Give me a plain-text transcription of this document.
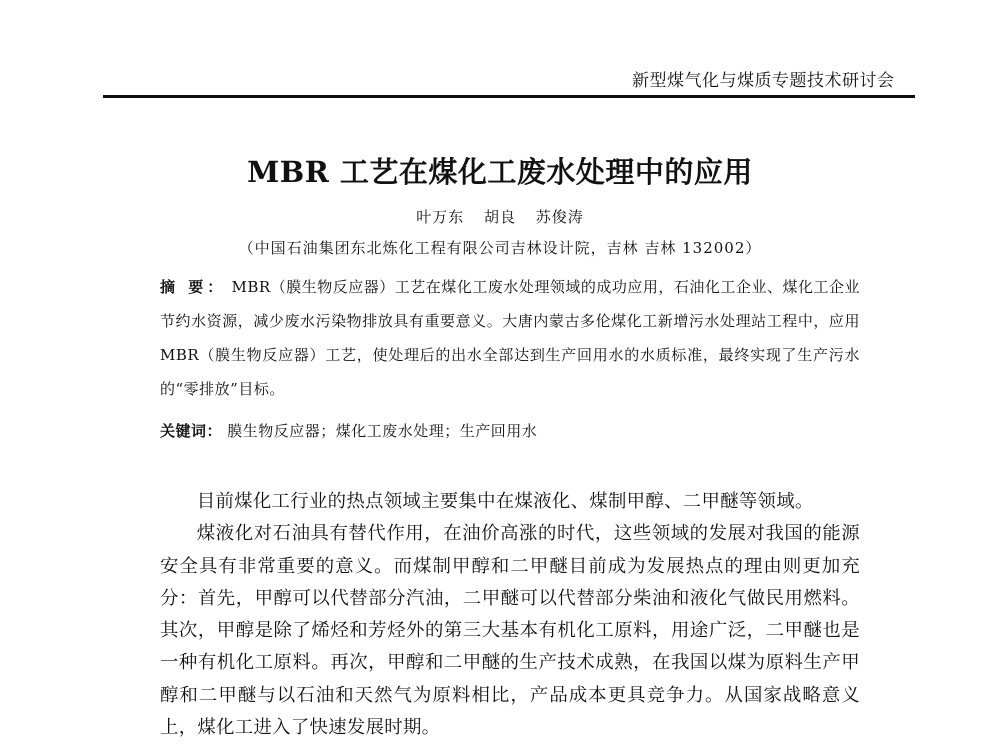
新型煤气化与煤质专题技术研讨会
MBR 工艺在煤化工废水处理中的应用
叶万东 胡良 苏俊涛
（中国石油集团东北炼化工程有限公司吉林设计院，吉林 吉林 132002）
摘 要： MBR（膜生物反应器）工艺在煤化工废水处理领域的成功应用，石油化工企业、煤化工企业节约水资源，减少废水污染物排放具有重要意义。大唐内蒙古多伦煤化工新增污水处理站工程中，应用 MBR（膜生物反应器）工艺，使处理后的出水全部达到生产回用水的水质标准，最终实现了生产污水的“零排放”目标。
关键词： 膜生物反应器；煤化工废水处理；生产回用水

目前煤化工行业的热点领域主要集中在煤液化、煤制甲醇、二甲醚等领域。

煤液化对石油具有替代作用，在油价高涨的时代，这些领域的发展对我国的能源安全具有非常重要的意义。而煤制甲醇和二甲醚目前成为发展热点的理由则更加充分：首先，甲醇可以代替部分汽油，二甲醚可以代替部分柴油和液化气做民用燃料。其次，甲醇是除了烯烃和芳烃外的第三大基本有机化工原料，用途广泛，二甲醚也是一种有机化工原料。再次，甲醇和二甲醚的生产技术成熟，在我国以煤为原料生产甲醇和二甲醚与以石油和天然气为原料相比，产品成本更具竞争力。从国家战略意义上，煤化工进入了快速发展时期。
